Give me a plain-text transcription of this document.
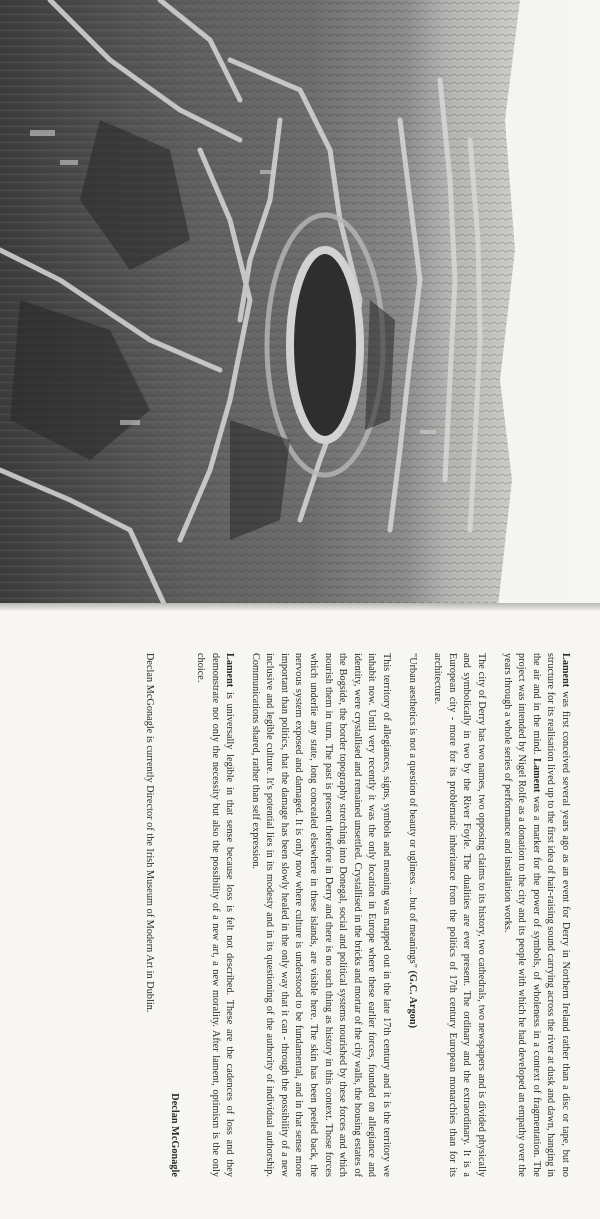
Lament was first conceived several years ago as an event for Derry in Northern Ireland rather than a disc or tape, but no structure for its realisation lived up to the first idea of hair-raising sound carrying across the river at dusk and dawn, hanging in the air and in the mind. Lament was a marker for the power of symbols, of wholeness in a context of fragmentation. The project was intended by Nigel Rolfe as a donation to the city and its people with which he had developed an empathy over the years through a whole series of performance and installation works.

The city of Derry has two names, two opposing claims to its history, two cathedrals, two newspapers and is divided physically and symbolically in two by the River Foyle. The dualities are ever present. The ordinary and the extraordinary. It is a European city - more for its problematic inheritance from the politics of 17th century European monarchies than for its architecture.

"Urban aesthetics is not a question of beauty or ugliness ... but of meanings" (G.C. Argon)

This territory of allegiances, signs, symbols and meaning was mapped out in the late 17th century and it is the territory we inhabit now. Until very recently it was the only location in Europe where these earlier forces, founded on allegiance and identity, were crystallised and remained unsettled. Crystallised in the bricks and mortar of the city walls, the housing estates of the Bogside, the border topography stretching into Donegal, social and political systems nourished by these forces and which nourish them in turn. The past is present therefore in Derry and there is no such thing as history in this context. Those forces which underlie any state, long concealed elsewhere in these islands, are visible here. The skin has been peeled back, the nervous system exposed and damaged. It is only now where culture is understood to be fundamental, and in that sense more important than politics, that the damage has been slowly healed in the only way that it can - through the possibility of a new inclusive and legible culture. It's potential lies in its modesty and in its questioning of the authority of individual authorship. Communications shared, rather than self expression.

Lament is universally legible in that sense because loss is felt not described. These are the cadences of loss and they demonstrate not only the necessity but also the possibility of a new art, a new morality. After lament, optimism is the only choice.

Declan McGonagle

Declan McGonagle is currently Director of the Irish Museum of Modern Art in Dublin.
